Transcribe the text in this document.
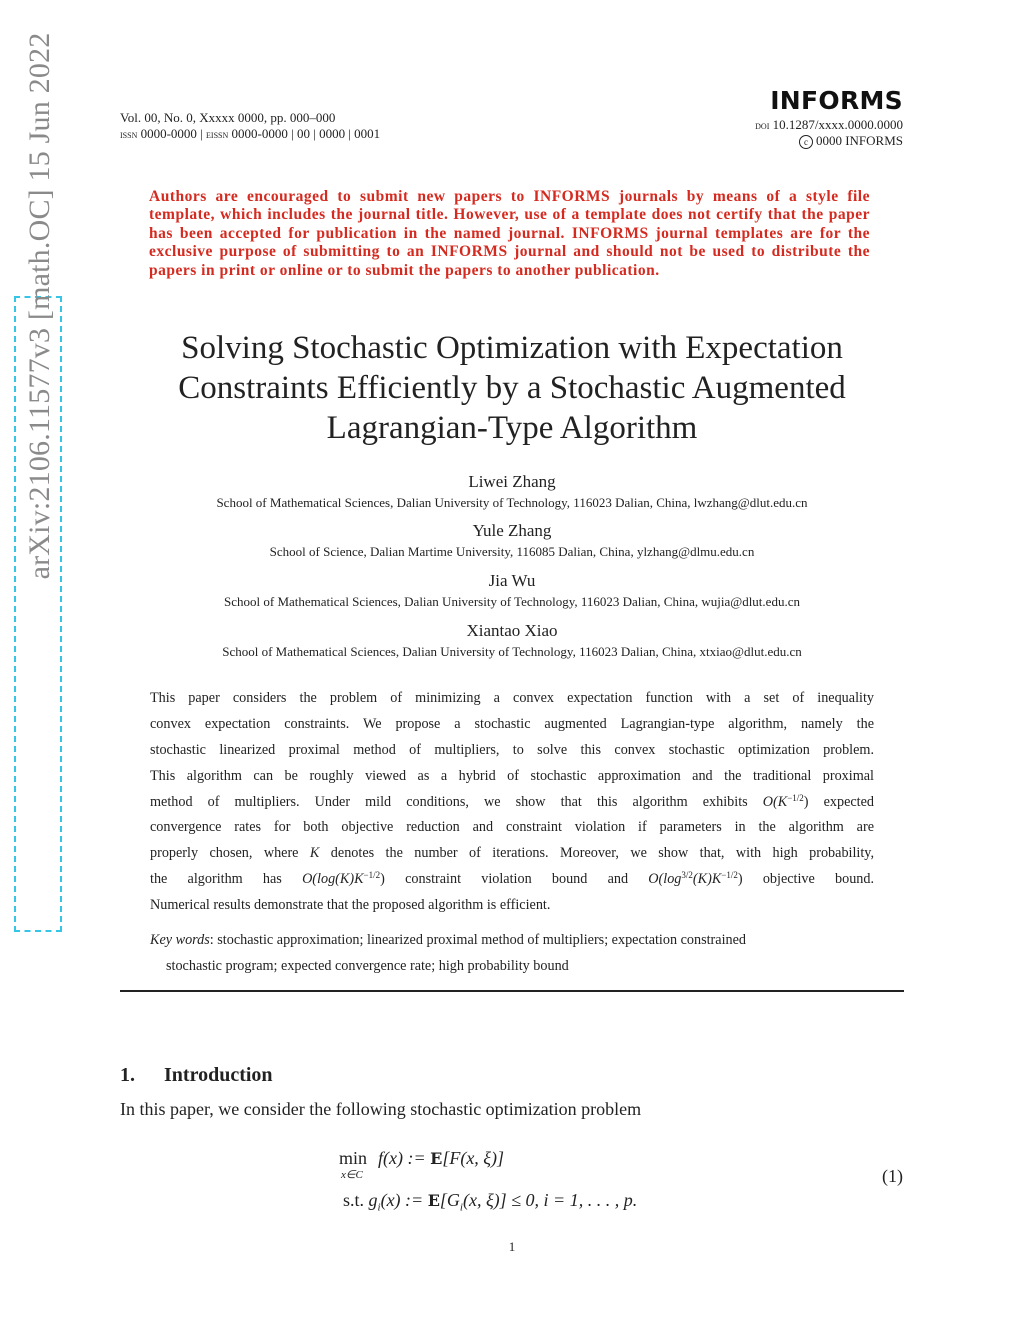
arXiv:2106.11577v3 [math.OC] 15 Jun 2022	Vol. 00, No. 0, Xxxxx 0000, pp. 000–000
issn 0000-0000 | eissn 0000-0000 | 00 | 0000 | 0001
INFORMS
doi 10.1287/xxxx.0000.0000
c 0000 INFORMS
Authors are encouraged to submit new papers to INFORMS journals by means of a style file template, which includes the journal title. However, use of a template does not certify that the paper has been accepted for publication in the named journal. INFORMS journal templates are for the exclusive purpose of submitting to an INFORMS journal and should not be used to distribute the papers in print or online or to submit the papers to another publication.
Solving Stochastic Optimization with Expectation
Constraints Efficiently by a Stochastic Augmented
Lagrangian-Type Algorithm
Liwei Zhang
School of Mathematical Sciences, Dalian University of Technology, 116023 Dalian, China, lwzhang@dlut.edu.cn
Yule Zhang
School of Science, Dalian Martime University, 116085 Dalian, China, ylzhang@dlmu.edu.cn
Jia Wu
School of Mathematical Sciences, Dalian University of Technology, 116023 Dalian, China, wujia@dlut.edu.cn
Xiantao Xiao
School of Mathematical Sciences, Dalian University of Technology, 116023 Dalian, China, xtxiao@dlut.edu.cn
This paper considers the problem of minimizing a convex expectation function with a set of inequality
convex expectation constraints. We propose a stochastic augmented Lagrangian-type algorithm, namely the
stochastic linearized proximal method of multipliers, to solve this convex stochastic optimization problem.
This algorithm can be roughly viewed as a hybrid of stochastic approximation and the traditional proximal
method of multipliers. Under mild conditions, we show that this algorithm exhibits $O(K^{-1/2})$ expected
convergence rates for both objective reduction and constraint violation if parameters in the algorithm are
properly chosen, where K denotes the number of iterations. Moreover, we show that, with high probability,
the algorithm has $O(\log(K)K^{-1/2})$ constraint violation bound and $O(\log^{3/2}(K)K^{-1/2})$ objective bound.
Numerical results demonstrate that the proposed algorithm is efficient.
Key words: stochastic approximation; linearized proximal method of multipliers; expectation constrained
stochastic program; expected convergence rate; high probability bound
1. Introduction
In this paper, we consider the following stochastic optimization problem
min
x∈C
f(x) := E[F(x, ξ)]
s.t. $g_i(x)$ := $E[G_i(x$, ξ)] ≤ 0, i = 1, . . . , p.
(1)
1
